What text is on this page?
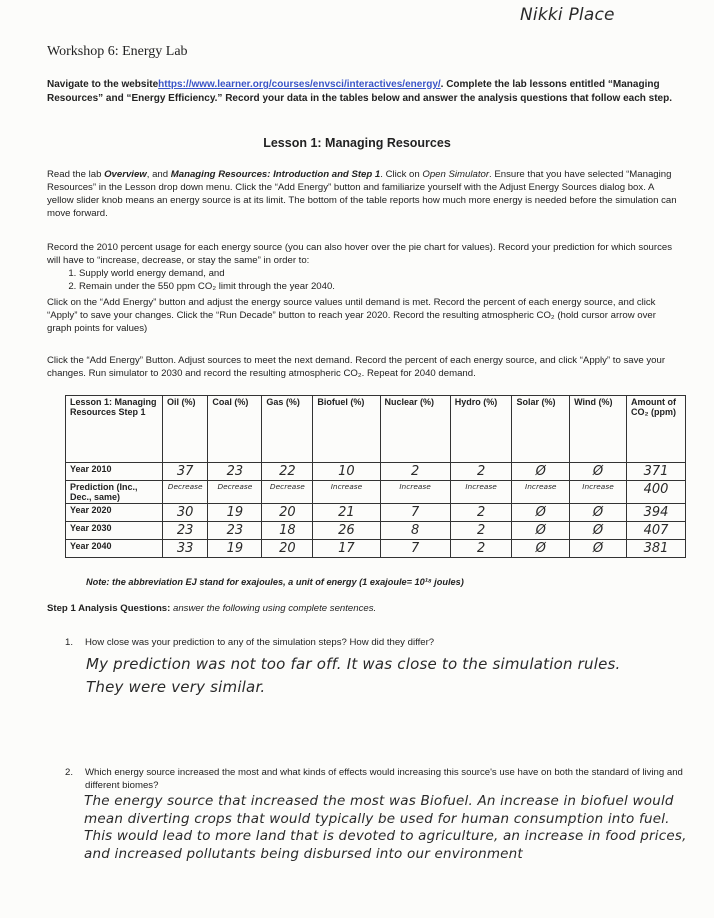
Nikki Place
Workshop 6: Energy Lab
Navigate to the websitehttps://www.learner.org/courses/envsci/interactives/energy/. Complete the lab lessons entitled “Managing Resources” and “Energy Efficiency.” Record your data in the tables below and answer the analysis questions that follow each step.
Lesson 1: Managing Resources
Read the lab Overview, and Managing Resources: Introduction and Step 1. Click on Open Simulator. Ensure that you have selected “Managing Resources” in the Lesson drop down menu. Click the “Add Energy” button and familiarize yourself with the Adjust Energy Sources dialog box. A yellow slider knob means an energy source is at its limit. The bottom of the table reports how much more energy is needed before the simulation can move forward.
Record the 2010 percent usage for each energy source (you can also hover over the pie chart for values). Record your prediction for which sources will have to “increase, decrease, or stay the same” in order to:
1. Supply world energy demand, and
2. Remain under the 550 ppm CO₂ limit through the year 2040.
Click on the “Add Energy” button and adjust the energy source values until demand is met. Record the percent of each energy source, and click “Apply” to save your changes. Click the “Run Decade” button to reach year 2020. Record the resulting atmospheric CO₂ (hold cursor arrow over graph points for values)
Click the “Add Energy” Button. Adjust sources to meet the next demand. Record the percent of each energy source, and click “Apply” to save your changes. Run simulator to 2030 and record the resulting atmospheric CO₂. Repeat for 2040 demand.
Lesson 1: Managing Resources Step 1	Oil (%)	Coal (%)	Gas (%)	Biofuel (%)	Nuclear (%)	Hydro (%)	Solar (%)	Wind (%)	Amount of CO₂ (ppm)
Year 2010	37	23	22	10	2	2	Ø	Ø	371
Prediction (Inc., Dec., same)	Decrease	Decrease	Decrease	Increase	Increase	Increase	Increase	Increase	400
Year 2020	30	19	20	21	7	2	Ø	Ø	394
Year 2030	23	23	18	26	8	2	Ø	Ø	407
Year 2040	33	19	20	17	7	2	Ø	Ø	381
Note: the abbreviation EJ stand for exajoules, a unit of energy (1 exajoule= 10¹⁸ joules)
Step 1 Analysis Questions: answer the following using complete sentences.
1. How close was your prediction to any of the simulation steps? How did they differ?
My prediction was not too far off. It was close to the simulation rules. They were very similar.
2. Which energy source increased the most and what kinds of effects would increasing this source's use have on both the standard of living and different biomes?
The energy source that increased the most was Biofuel. An increase in biofuel would mean diverting crops that would typically be used for human consumption into fuel. This would lead to more land that is devoted to agriculture, an increase in food prices, and increased pollutants being disbursed into our environment
